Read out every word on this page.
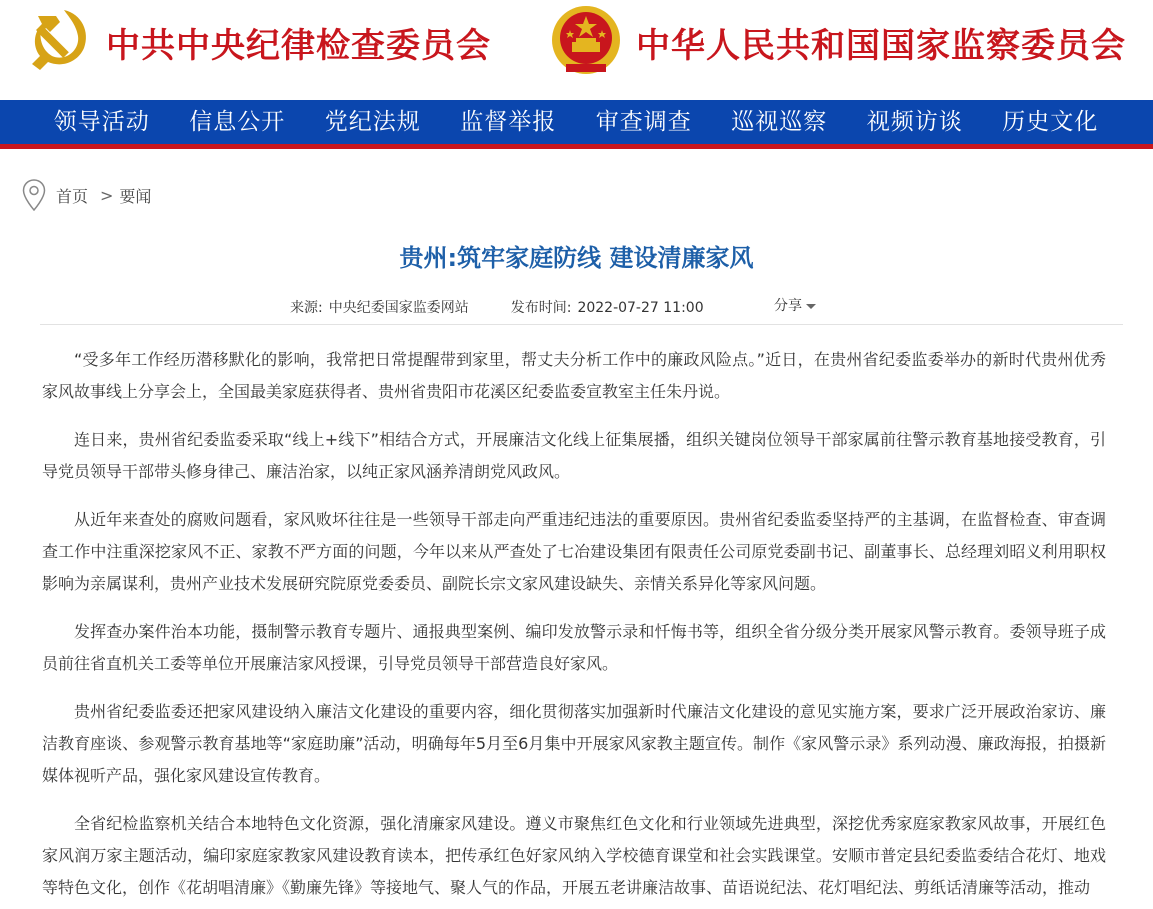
中共中央纪律检查委员会	中华人民共和国国家监察委员会
领导活动	信息公开	党纪法规	监督举报	审查调查	巡视巡察	视频访谈	历史文化
首页 > 要闻
贵州:筑牢家庭防线 建设清廉家风
来源: 中央纪委国家监委网站	发布时间: 2022-07-27 11:00	分享

“受多年工作经历潜移默化的影响，我常把日常提醒带到家里，帮丈夫分析工作中的廉政风险点。”近日，在贵州省纪委监委举办的新时代贵州优秀家风故事线上分享会上，全国最美家庭获得者、贵州省贵阳市花溪区纪委监委宣教室主任朱丹说。

连日来，贵州省纪委监委采取“线上+线下”相结合方式，开展廉洁文化线上征集展播，组织关键岗位领导干部家属前往警示教育基地接受教育，引导党员领导干部带头修身律己、廉洁治家，以纯正家风涵养清朗党风政风。

从近年来查处的腐败问题看，家风败坏往往是一些领导干部走向严重违纪违法的重要原因。贵州省纪委监委坚持严的主基调，在监督检查、审查调查工作中注重深挖家风不正、家教不严方面的问题，今年以来从严查处了七冶建设集团有限责任公司原党委副书记、副董事长、总经理刘昭义利用职权影响为亲属谋利，贵州产业技术发展研究院原党委委员、副院长宗文家风建设缺失、亲情关系异化等家风问题。

发挥查办案件治本功能，摄制警示教育专题片、通报典型案例、编印发放警示录和忏悔书等，组织全省分级分类开展家风警示教育。委领导班子成员前往省直机关工委等单位开展廉洁家风授课，引导党员领导干部营造良好家风。

贵州省纪委监委还把家风建设纳入廉洁文化建设的重要内容，细化贯彻落实加强新时代廉洁文化建设的意见实施方案，要求广泛开展政治家访、廉洁教育座谈、参观警示教育基地等“家庭助廉”活动，明确每年5月至6月集中开展家风家教主题宣传。制作《家风警示录》系列动漫、廉政海报，拍摄新媒体视听产品，强化家风建设宣传教育。

全省纪检监察机关结合本地特色文化资源，强化清廉家风建设。遵义市聚焦红色文化和行业领域先进典型，深挖优秀家庭家教家风故事，开展红色家风润万家主题活动，编印家庭家教家风建设教育读本，把传承红色好家风纳入学校德育课堂和社会实践课堂。安顺市普定县纪委监委结合花灯、地戏等特色文化，创作《花胡唱清廉》《勤廉先锋》等接地气、聚人气的作品，开展五老讲廉洁故事、苗语说纪法、花灯唱纪法、剪纸话清廉等活动，推动
